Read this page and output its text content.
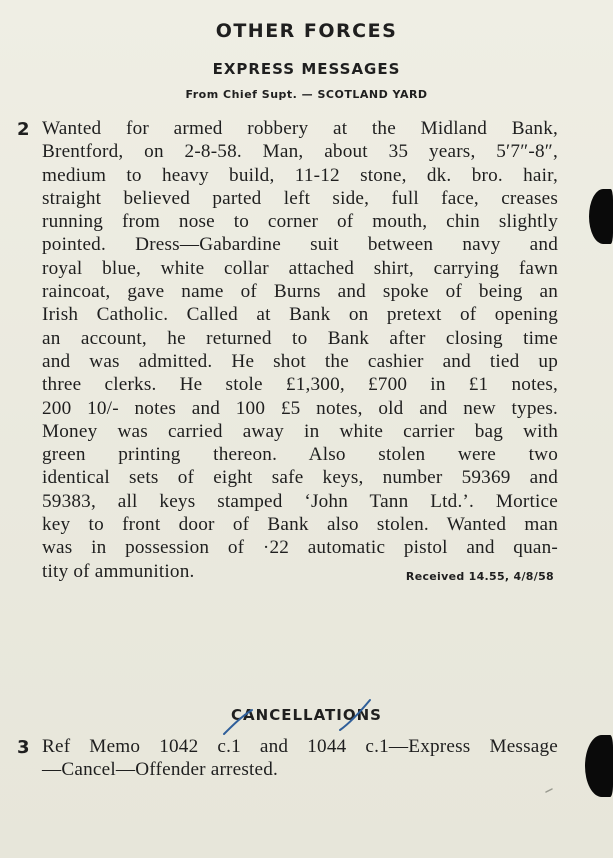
OTHER FORCES
EXPRESS MESSAGES
From Chief Supt. — SCOTLAND YARD
2 Wanted for armed robbery at the Midland Bank,
Brentford, on 2-8-58. Man, about 35 years, 5′7″-8″,
medium to heavy build, 11-12 stone, dk. bro. hair,
straight believed parted left side, full face, creases
running from nose to corner of mouth, chin slightly
pointed. Dress—Gabardine suit between navy and
royal blue, white collar attached shirt, carrying fawn
raincoat, gave name of Burns and spoke of being an
Irish Catholic. Called at Bank on pretext of opening
an account, he returned to Bank after closing time
and was admitted. He shot the cashier and tied up
three clerks. He stole £1,300, £700 in £1 notes,
200 10/- notes and 100 £5 notes, old and new types.
Money was carried away in white carrier bag with
green printing thereon. Also stolen were two
identical sets of eight safe keys, number 59369 and
59383, all keys stamped ‘John Tann Ltd.’. Mortice
key to front door of Bank also stolen. Wanted man
was in possession of ·22 automatic pistol and quan-
tity of ammunition.	Received 14.55, 4/8/58
CANCELLATIONS
3 Ref Memo 1042 c.1 and 1044 c.1—Express Message
—Cancel—Offender arrested.
